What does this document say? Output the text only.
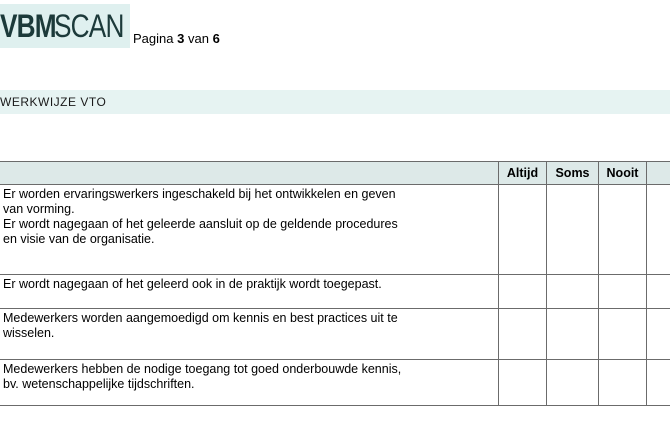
VBM
SCAN Pagina 3 van 6
WERKWIJZE VTO
	Altijd	Soms	Nooit	

Er worden ervaringswerkers ingeschakeld bij het ontwikkelen en geven
van vorming.
Er wordt nagegaan of het geleerde aansluit op de geldende procedures
en visie van de organisatie.				

Er wordt nagegaan of het geleerd ook in de praktijk wordt toegepast.				

Medewerkers worden aangemoedigd om kennis en best practices uit te
wisselen.				

Medewerkers hebben de nodige toegang tot goed onderbouwde kennis,
bv. wetenschappelijke tijdschriften.				
